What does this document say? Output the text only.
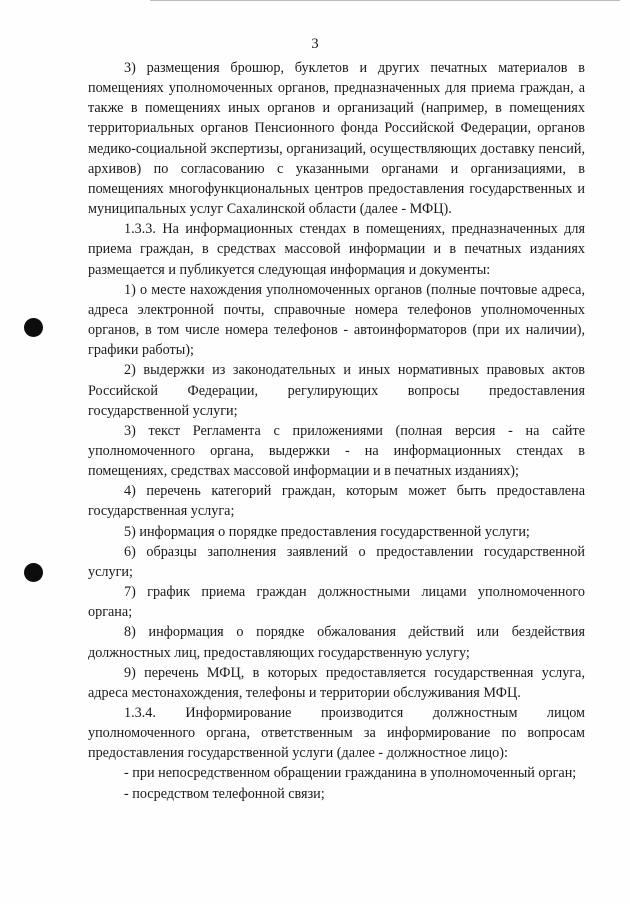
3

3) размещения брошюр, буклетов и других печатных материалов в помещениях уполномоченных органов, предназначенных для приема граждан, а также в помещениях иных органов и организаций (например, в помещениях территориальных органов Пенсионного фонда Российской Федерации, органов медико-социальной экспертизы, организаций, осуществляющих доставку пенсий, архивов) по согласованию с указанными органами и организациями, в помещениях многофункциональных центров предоставления государственных и муниципальных услуг Сахалинской области (далее - МФЦ).

1.3.3. На информационных стендах в помещениях, предназначенных для приема граждан, в средствах массовой информации и в печатных изданиях размещается и публикуется следующая информация и документы:

1) о месте нахождения уполномоченных органов (полные почтовые адреса, адреса электронной почты, справочные номера телефонов уполномоченных органов, в том числе номера телефонов - автоинформаторов (при их наличии), графики работы);

2) выдержки из законодательных и иных нормативных правовых актов Российской Федерации, регулирующих вопросы предоставления государственной услуги;

3) текст Регламента с приложениями (полная версия - на сайте уполномоченного органа, выдержки - на информационных стендах в помещениях, средствах массовой информации и в печатных изданиях);

4) перечень категорий граждан, которым может быть предоставлена государственная услуга;

5) информация о порядке предоставления государственной услуги;

6) образцы заполнения заявлений о предоставлении государственной услуги;

7) график приема граждан должностными лицами уполномоченного органа;

8) информация о порядке обжалования действий или бездействия должностных лиц, предоставляющих государственную услугу;

9) перечень МФЦ, в которых предоставляется государственная услуга, адреса местонахождения, телефоны и территории обслуживания МФЦ.

1.3.4. Информирование производится должностным лицом уполномоченного органа, ответственным за информирование по вопросам предоставления государственной услуги (далее - должностное лицо):

- при непосредственном обращении гражданина в уполномоченный орган;

- посредством телефонной связи;
